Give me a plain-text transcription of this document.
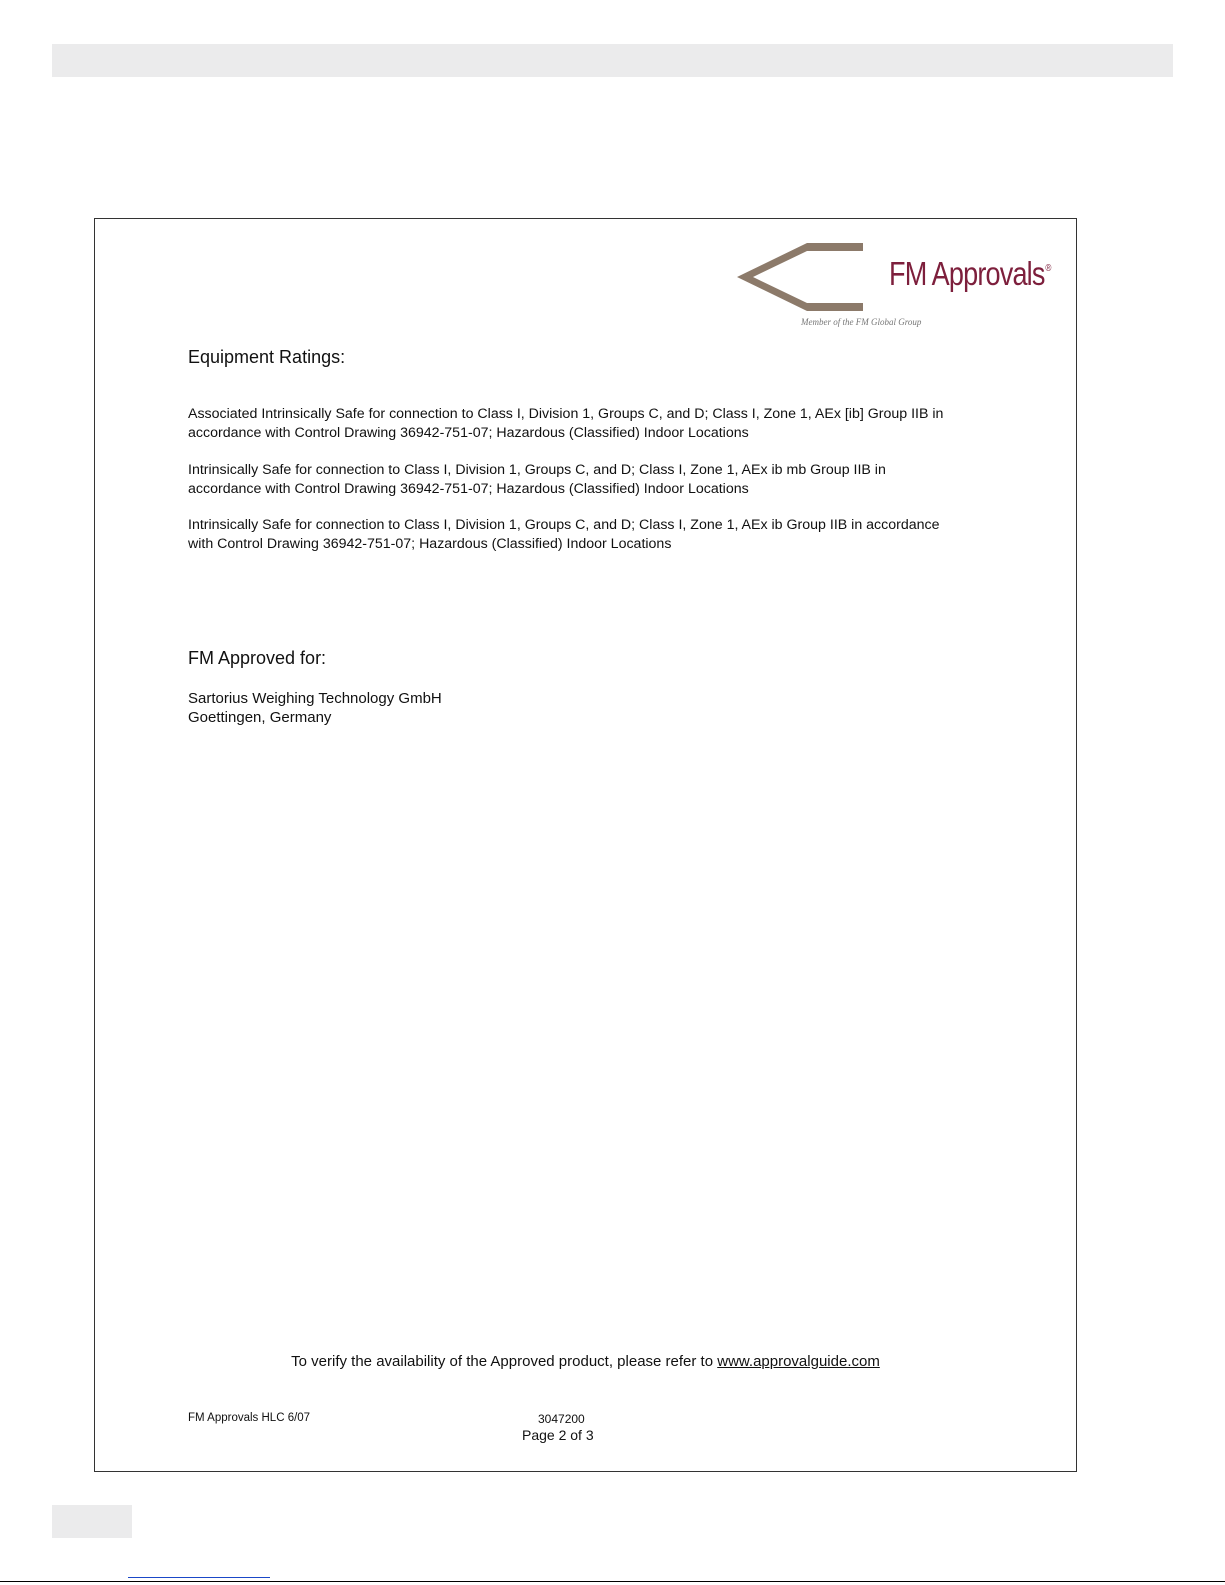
FM Approvals®
Member of the FM Global Group
Equipment Ratings:
Associated Intrinsically Safe for connection to Class I, Division 1, Groups C, and D; Class I, Zone 1, AEx [ib] Group IIB in accordance with Control Drawing 36942-751-07; Hazardous (Classified) Indoor Locations
Intrinsically Safe for connection to Class I, Division 1, Groups C, and D; Class I, Zone 1, AEx ib mb Group IIB in accordance with Control Drawing 36942-751-07; Hazardous (Classified) Indoor Locations
Intrinsically Safe for connection to Class I, Division 1, Groups C, and D; Class I, Zone 1, AEx ib Group IIB in accordance with Control Drawing 36942-751-07; Hazardous (Classified) Indoor Locations
FM Approved for:
Sartorius Weighing Technology GmbH
Goettingen, Germany
To verify the availability of the Approved product, please refer to www.approvalguide.com
FM Approvals HLC 6/07	3047200
Page 2 of 3
